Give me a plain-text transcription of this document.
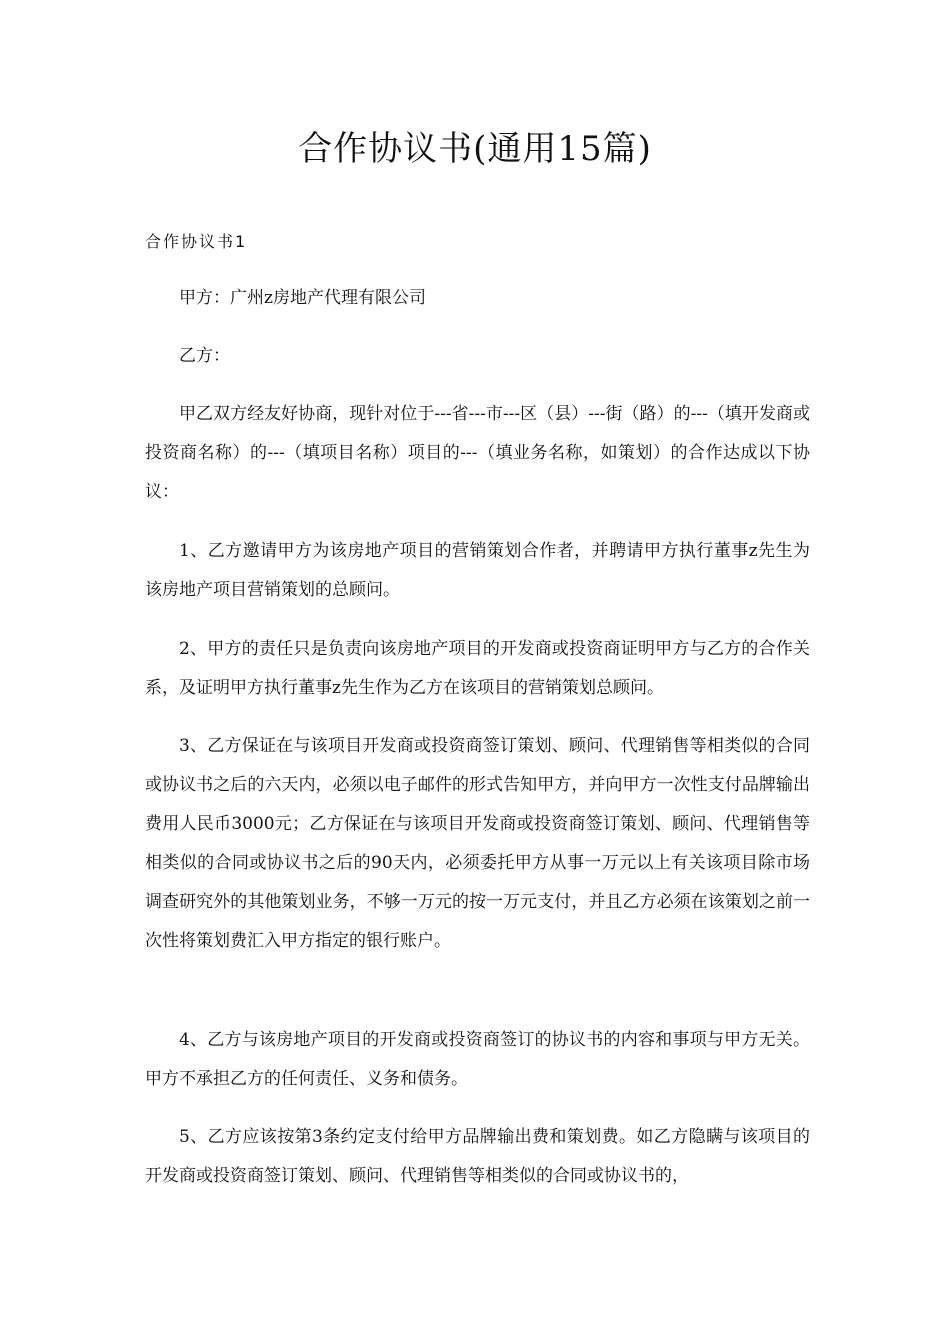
合作协议书(通用15篇)
合作协议书1

甲方：广州z房地产代理有限公司

乙方：

甲乙双方经友好协商，现针对位于---省---市---区（县）---街（路）的---（填开发商或投资商名称）的---（填项目名称）项目的---（填业务名称，如策划）的合作达成以下协议：

1、乙方邀请甲方为该房地产项目的营销策划合作者，并聘请甲方执行董事z先生为该房地产项目营销策划的总顾问。

2、甲方的责任只是负责向该房地产项目的开发商或投资商证明甲方与乙方的合作关系，及证明甲方执行董事z先生作为乙方在该项目的营销策划总顾问。

3、乙方保证在与该项目开发商或投资商签订策划、顾问、代理销售等相类似的合同或协议书之后的六天内，必须以电子邮件的形式告知甲方，并向甲方一次性支付品牌输出费用人民币3000元；乙方保证在与该项目开发商或投资商签订策划、顾问、代理销售等相类似的合同或协议书之后的90天内，必须委托甲方从事一万元以上有关该项目除市场调查研究外的其他策划业务，不够一万元的按一万元支付，并且乙方必须在该策划之前一次性将策划费汇入甲方指定的银行账户。

4、乙方与该房地产项目的开发商或投资商签订的协议书的内容和事项与甲方无关。甲方不承担乙方的任何责任、义务和债务。

5、乙方应该按第3条约定支付给甲方品牌输出费和策划费。如乙方隐瞒与该项目的开发商或投资商签订策划、顾问、代理销售等相类似的合同或协议书的，
